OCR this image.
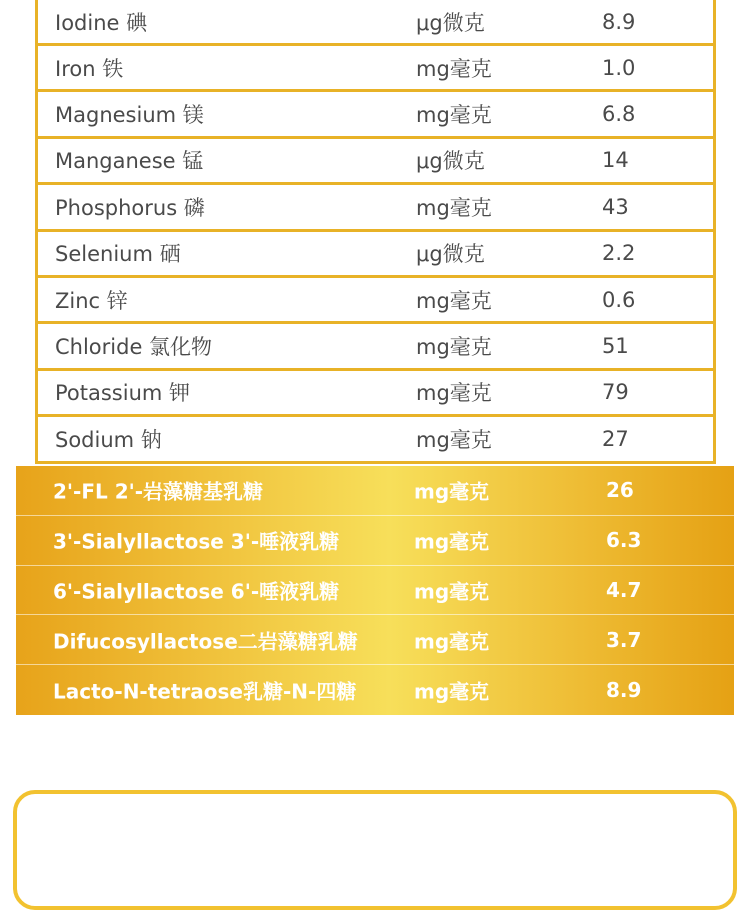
Iodine 碘	μg微克	8.9
Iron 铁	mg毫克	1.0
Magnesium 镁	mg毫克	6.8
Manganese 锰	μg微克	14
Phosphorus 磷	mg毫克	43
Selenium 硒	μg微克	2.2
Zinc 锌	mg毫克	0.6
Chloride 氯化物	mg毫克	51
Potassium 钾	mg毫克	79
Sodium 钠	mg毫克	27
2'-FL 2'-岩藻糖基乳糖	mg毫克	26
3'-Sialyllactose 3'-唾液乳糖	mg毫克	6.3
6'-Sialyllactose 6'-唾液乳糖	mg毫克	4.7
Difucosyllactose二岩藻糖乳糖	mg毫克	3.7
Lacto-N-tetraose乳糖-N-四糖	mg毫克	8.9
